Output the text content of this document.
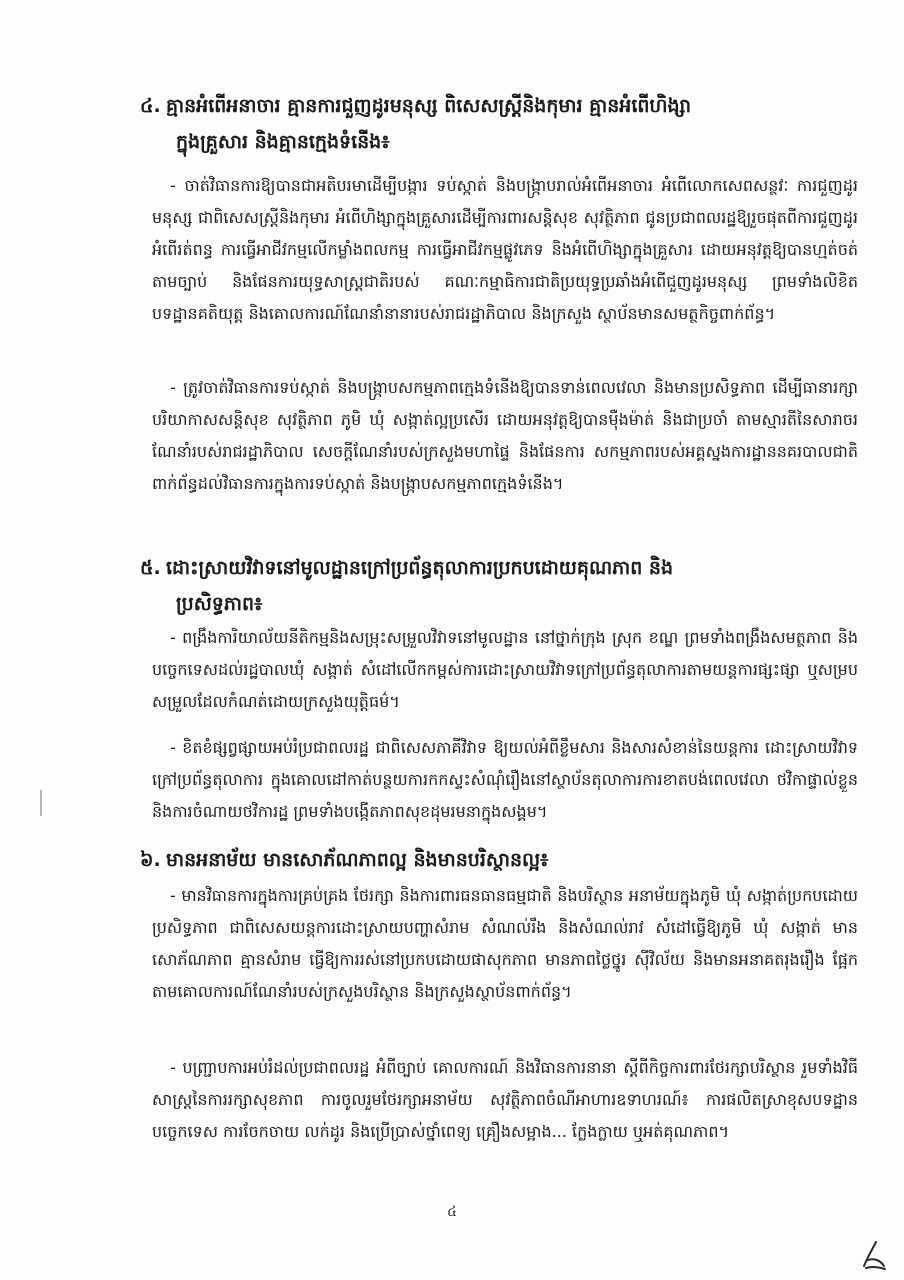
៤. គ្មានអំពើអនាចារ គ្មានការជួញដូរមនុស្ស ពិសេសស្ត្រីនិងកុមារ គ្មានអំពើហិង្សា
ក្នុងគ្រួសារ និងគ្មានក្មេងទំនើង៖

- ចាត់វិធានការឱ្យបានជាអតិបរមាដើម្បីបង្ការ ទប់ស្កាត់ និងបង្រ្កាបរាល់អំពើអនាចារ អំពើលោកសេពសន្ថវៈ ការជួញដូរមនុស្ស ជាពិសេសស្ត្រីនិងកុមារ អំពើហិង្សាក្នុងគ្រួសារដើម្បីការពារសន្តិសុខ សុវត្ថិភាព ជូនប្រជាពលរដ្ឋឱ្យរួចផុតពីការជួញដូរ អំពើរត់ពន្ធ ការធ្វើអាជីវកម្មលើកម្លាំងពលកម្ម ការធ្វើអាជីវកម្មផ្លូវភេទ និងអំពើហិង្សាក្នុងគ្រួសារ ដោយអនុវត្តឱ្យបានហ្មត់ចត់តាមច្បាប់ និងផែនការយុទ្ធសាស្ត្រជាតិរបស់ គណៈកម្មាធិការជាតិប្រយុទ្ធប្រឆាំងអំពើជួញដូរមនុស្ស ព្រមទាំងលិខិតបទដ្ឋានគតិយុត្ត និងគោលការណ៍ណែនាំនានារបស់រាជរដ្ឋាភិបាល និងក្រសួង ស្ថាប័នមានសមត្ថកិច្ចពាក់ព័ន្ធ។

- ត្រូវចាត់វិធានការទប់ស្កាត់ និងបង្រ្កាបសកម្មភាពក្មេងទំនើងឱ្យបានទាន់ពេលវេលា និងមានប្រសិទ្ធភាព ដើម្បីធានារក្សាបរិយាកាសសន្តិសុខ សុវត្ថិភាព ភូមិ ឃុំ សង្កាត់ល្អប្រសើរ ដោយអនុវត្តឱ្យបានម៉ឺងម៉ាត់ និងជាប្រចាំ តាមស្មារតីនៃសារាចរណែនាំរបស់រាជរដ្ឋាភិបាល សេចក្តីណែនាំរបស់ក្រសួងមហាផ្ទៃ និងផែនការ សកម្មភាពរបស់អគ្គស្នងការដ្ឋាននគរបាលជាតិ ពាក់ព័ន្ធដល់វិធានការក្នុងការទប់ស្កាត់ និងបង្រ្កាបសកម្មភាពក្មេងទំនើង។

៥. ដោះស្រាយវិវាទនៅមូលដ្ឋានក្រៅប្រព័ន្ធតុលាការប្រកបដោយគុណភាព និង
ប្រសិទ្ធភាព៖

- ពង្រឹងការិយាល័យនីតិកម្មនិងសម្រុះសម្រួលវិវាទនៅមូលដ្ឋាន នៅថ្នាក់ក្រុង ស្រុក ខណ្ឌ ព្រមទាំងពង្រឹងសមត្ថភាព និងបច្ចេកទេសដល់រដ្ឋបាលឃុំ សង្កាត់ សំដៅលើកកម្ពស់ការដោះស្រាយវិវាទក្រៅប្រព័ន្ធតុលាការតាមយន្តការផ្សះផ្សា ឬសម្របសម្រួលដែលកំណត់ដោយក្រសួងយុត្តិធម៌។

- ខិតខំផ្សព្វផ្សាយអប់រំប្រជាពលរដ្ឋ ជាពិសេសភាគីវិវាទ ឱ្យយល់អំពីខ្លឹមសារ និងសារសំខាន់នៃយន្តការ ដោះស្រាយវិវាទក្រៅប្រព័ន្ធតុលាការ ក្នុងគោលដៅកាត់បន្ថយការកកស្ទះសំណុំរឿងនៅស្ថាប័នតុលាការការខាតបង់ពេលវេលា ថវិកាផ្ទាល់ខ្លួននិងការចំណាយថវិការដ្ឋ ព្រមទាំងបង្កើតភាពសុខដុមរមនាក្នុងសង្គម។

៦. មានអនាម័យ មានសោភ័ណភាពល្អ និងមានបរិស្ថានល្អ៖

- មានវិធានការក្នុងការគ្រប់គ្រង ថែរក្សា និងការពារធនធានធម្មជាតិ និងបរិស្ថាន អនាម័យក្នុងភូមិ ឃុំ សង្កាត់ប្រកបដោយប្រសិទ្ធភាព ជាពិសេសយន្តការដោះស្រាយបញ្ហាសំរាម សំណល់រឹង និងសំណល់រាវ សំដៅធ្វើឱ្យភូមិ ឃុំ សង្កាត់ មានសោភ័ណភាព គ្មានសំរាម ធ្វើឱ្យការរស់នៅប្រកបដោយផាសុកភាព មានភាពថ្លៃថ្នូរ ស៊ីវិល័យ និងមានអនាគតរុងរឿង ផ្អែកតាមគោលការណ៍ណែនាំរបស់ក្រសួងបរិស្ថាន និងក្រសួងស្ថាប័នពាក់ព័ន្ធ។

- បញ្ជ្រាបការអប់រំដល់ប្រជាពលរដ្ឋ អំពីច្បាប់ គោលការណ៍ និងវិធានការនានា ស្តីពីកិច្ចការពារថែរក្សាបរិស្ថាន រួមទាំងវិធីសាស្ត្រនៃការរក្សាសុខភាព ការចូលរួមថែរក្សាអនាម័យ សុវត្ថិភាពចំណីអាហារឧទាហរណ៍៖ ការផលិតស្រាខុសបទដ្ឋានបច្ចេកទេស ការចែកចាយ លក់ដូរ និងប្រើប្រាស់ថ្នាំពេទ្យ គ្រឿងសម្អាង... ក្លែងក្លាយ ឬអត់គុណភាព។

៤
